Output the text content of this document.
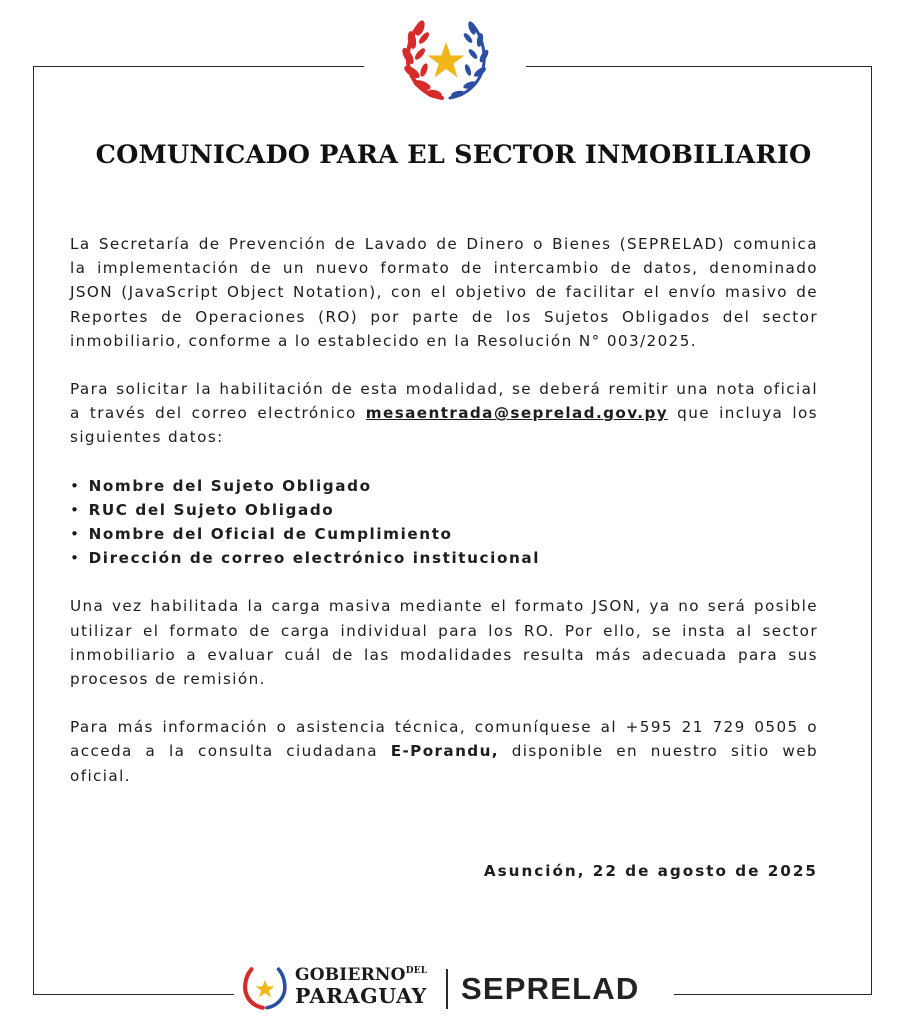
COMUNICADO PARA EL SECTOR INMOBILIARIO

La Secretaría de Prevención de Lavado de Dinero o Bienes (SEPRELAD) comunica la implementación de un nuevo formato de intercambio de datos, denominado JSON (JavaScript Object Notation), con el objetivo de facilitar el envío masivo de Reportes de Operaciones (RO) por parte de los Sujetos Obligados del sector inmobiliario, conforme a lo establecido en la Resolución N° 003/2025.

Para solicitar la habilitación de esta modalidad, se deberá remitir una nota oficial a través del correo electrónico mesaentrada@seprelad.gov.py que incluya los siguientes datos:

• Nombre del Sujeto Obligado
• RUC del Sujeto Obligado
• Nombre del Oficial de Cumplimiento
• Dirección de correo electrónico institucional

Una vez habilitada la carga masiva mediante el formato JSON, ya no será posible utilizar el formato de carga individual para los RO. Por ello, se insta al sector inmobiliario a evaluar cuál de las modalidades resulta más adecuada para sus procesos de remisión.

Para más información o asistencia técnica, comuníquese al +595 21 729 0505 o acceda a la consulta ciudadana E-Porandu, disponible en nuestro sitio web oficial.

Asunción, 22 de agosto de 2025
$GOBIERNO^{DEL}$
PARAGUAY SEPRELAD
